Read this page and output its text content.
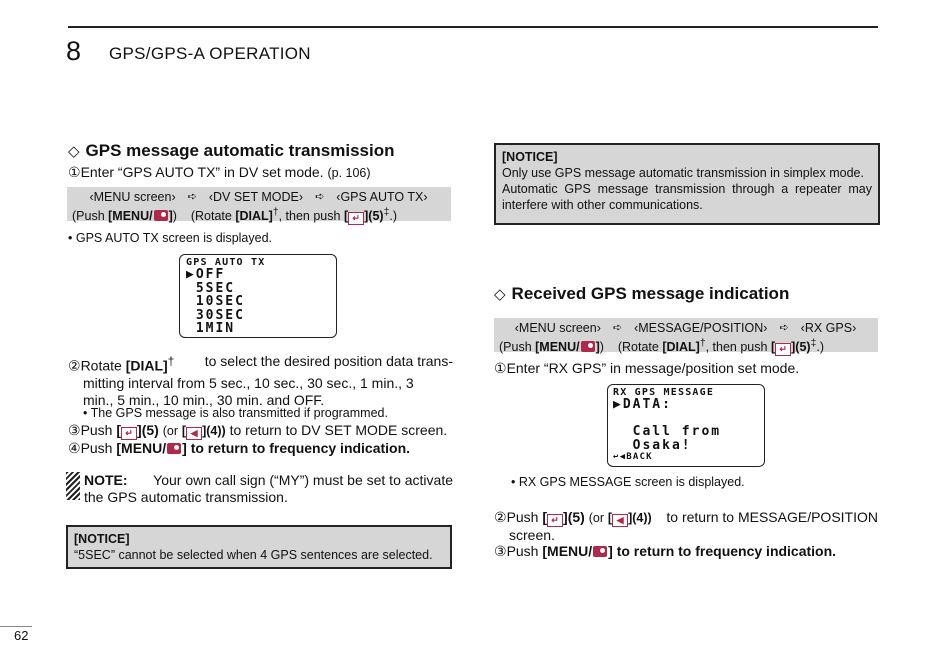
8 GPS/GPS-A OPERATION
◇ GPS message automatic transmission
①Enter “GPS AUTO TX” in DV set mode. (p. 106)
‹MENU screen› ➪ ‹DV SET MODE› ➪ ‹GPS AUTO TX›
(Push [MENU/ ])    (Rotate [DIAL]†, then push [ ↵ ](5)‡.)
• GPS AUTO TX screen is displayed.
GPS AUTO TX
▶OFF
5SEC
10SEC
30SEC
1MIN
②Rotate [DIAL]† to select the desired position data trans-
mitting interval from 5 sec., 10 sec., 30 sec., 1 min., 3
min., 5 min., 10 min., 30 min. and OFF.
• The GPS message is also transmitted if programmed.
③Push [ ↵ ](5) (or [ ◀ ](4)) to return to DV SET MODE screen.
④Push [MENU/ ] to return to frequency indication.
NOTE: Your own call sign (“MY”) must be set to activate
the GPS automatic transmission.
[NOTICE]
“5SEC” cannot be selected when 4 GPS sentences are selected.
[NOTICE]
Only use GPS message automatic transmission in simplex mode.
Automatic GPS message transmission through a repeater may
interfere with other communications.
◇ Received GPS message indication
‹MENU screen› ➪ ‹MESSAGE/POSITION› ➪ ‹RX GPS›
(Push [MENU/ ])    (Rotate [DIAL]†, then push [ ↵ ](5)‡.)
①Enter “RX GPS” in message/position set mode.
RX GPS MESSAGE
▶DATA:

Call from
Osaka!
↩◀BACK
• RX GPS MESSAGE screen is displayed.
②Push [ ↵ ](5) (or [ ◀ ](4)) to return to MESSAGE/POSITION
screen.
③Push [MENU/ ] to return to frequency indication.
62
